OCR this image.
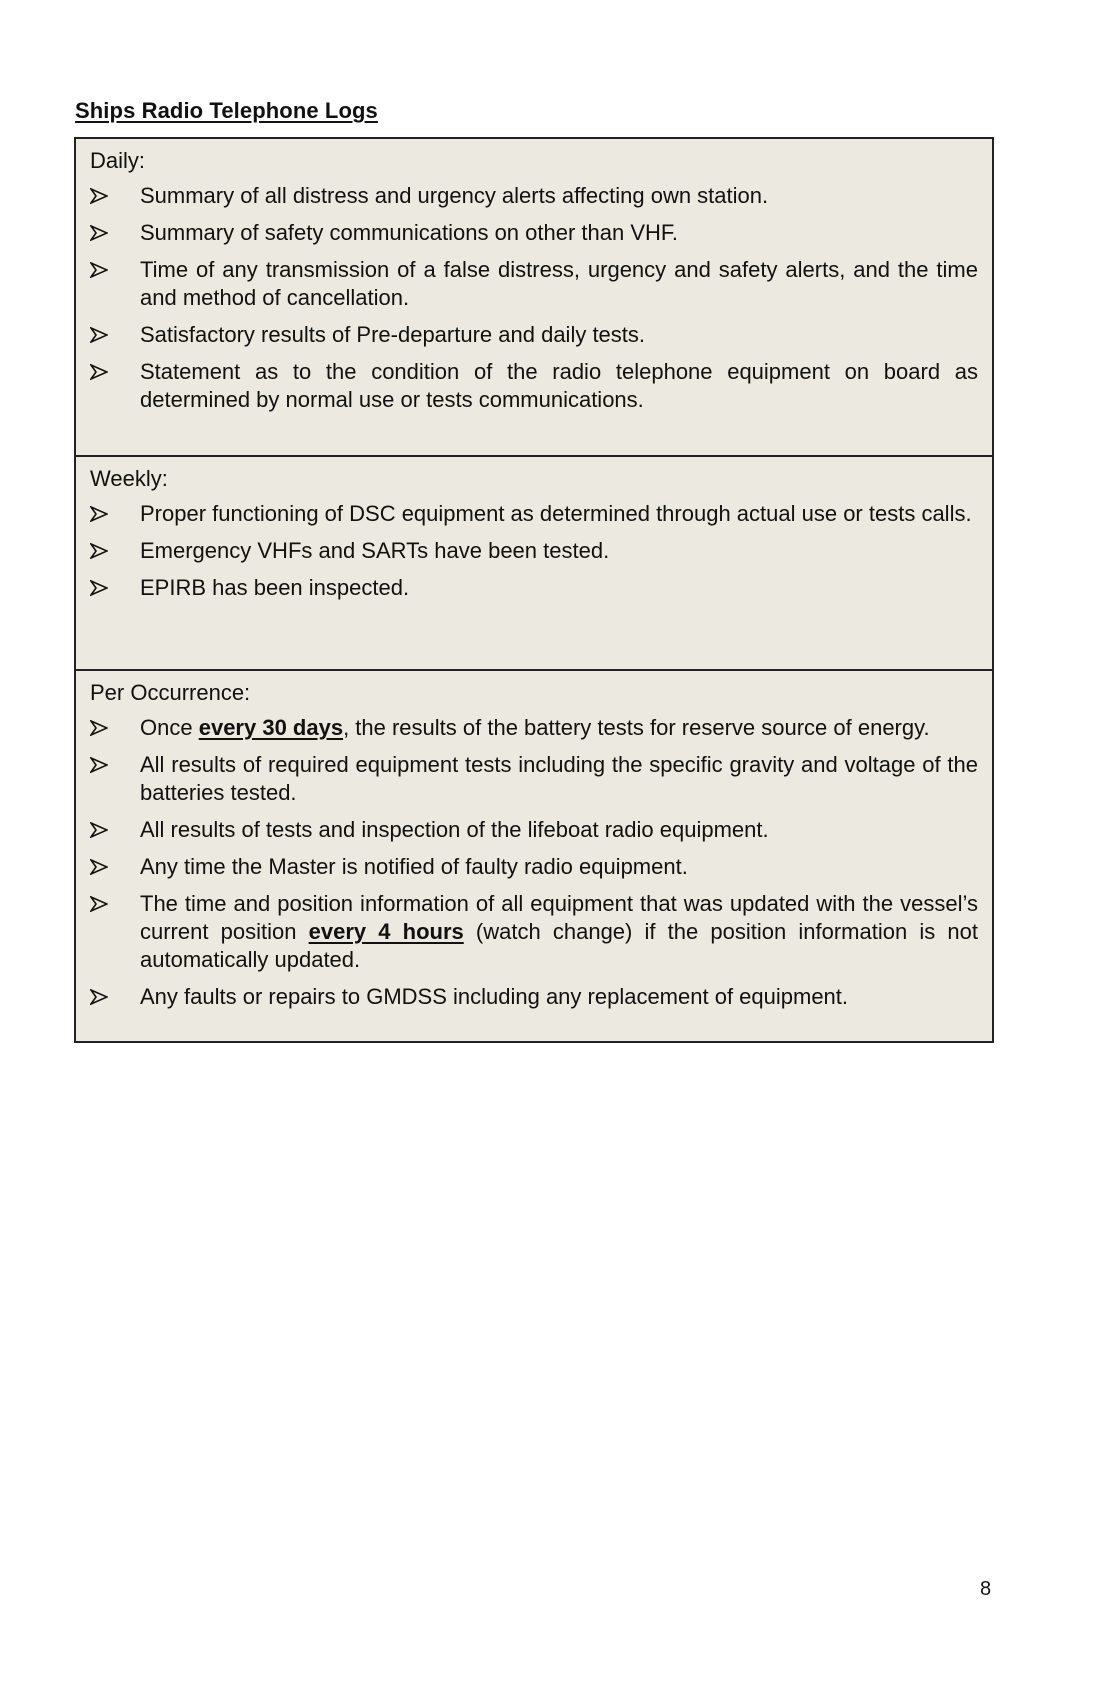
Ships Radio Telephone Logs
Daily:
Summary of all distress and urgency alerts affecting own station.
Summary of safety communications on other than VHF.
Time of any transmission of a false distress, urgency and safety alerts, and the time and method of cancellation.
Satisfactory results of Pre-departure and daily tests.
Statement as to the condition of the radio telephone equipment on board as determined by normal use or tests communications.
Weekly:
Proper functioning of DSC equipment as determined through actual use or tests calls.
Emergency VHFs and SARTs have been tested.
EPIRB has been inspected.
Per Occurrence:
Once every 30 days, the results of the battery tests for reserve source of energy.
All results of required equipment tests including the specific gravity and voltage of the batteries tested.
All results of tests and inspection of the lifeboat radio equipment.
Any time the Master is notified of faulty radio equipment.
The time and position information of all equipment that was updated with the vessel’s current position every 4 hours (watch change) if the position information is not automatically updated.
Any faults or repairs to GMDSS including any replacement of equipment.
8
